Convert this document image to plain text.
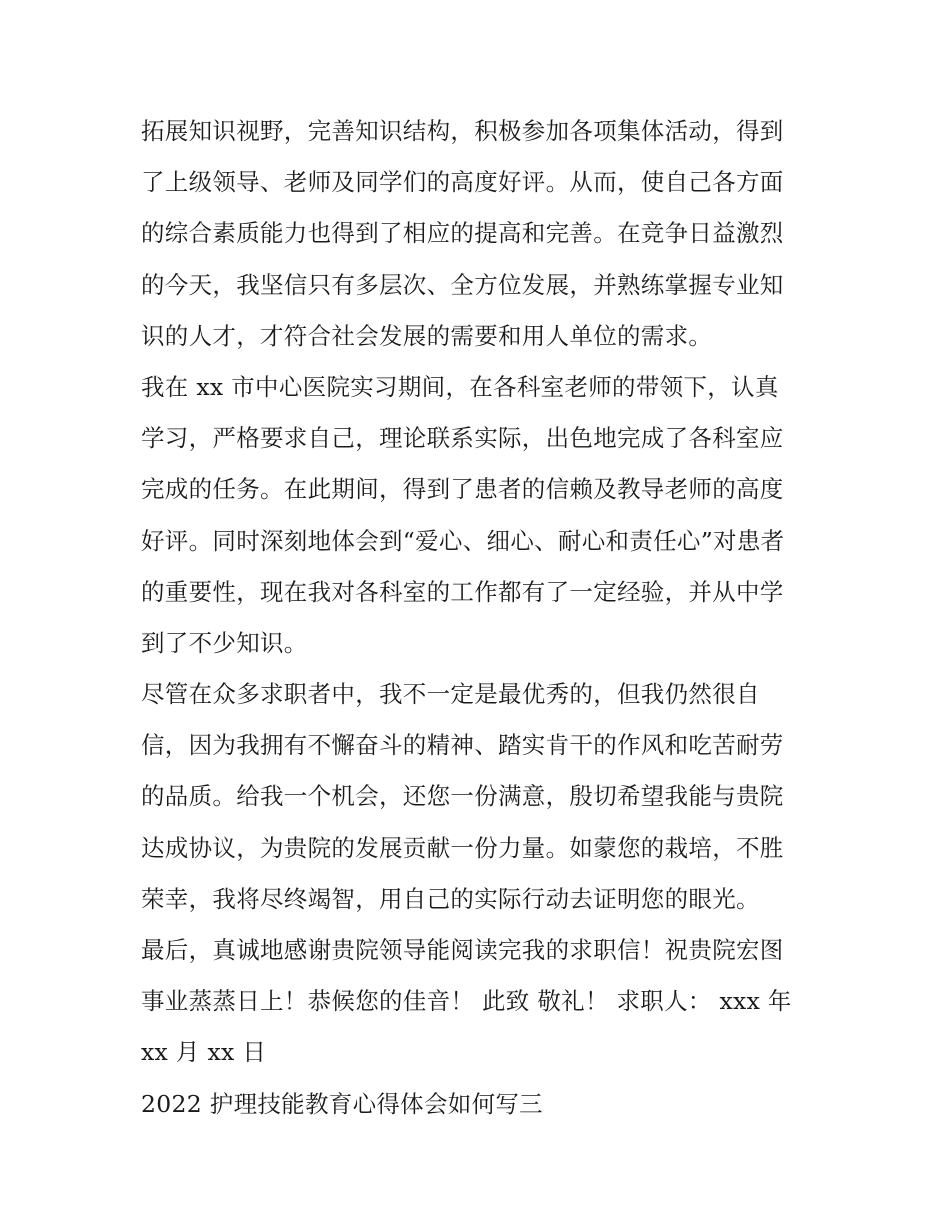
拓展知识视野，完善知识结构，积极参加各项集体活动，得到
了上级领导、老师及同学们的高度好评。从而，使自己各方面
的综合素质能力也得到了相应的提高和完善。在竞争日益激烈
的今天，我坚信只有多层次、全方位发展，并熟练掌握专业知
识的人才，才符合社会发展的需要和用人单位的需求。
我在 xx 市中心医院实习期间，在各科室老师的带领下，认真
学习，严格要求自己，理论联系实际，出色地完成了各科室应
完成的任务。在此期间，得到了患者的信赖及教导老师的高度
好评。同时深刻地体会到“爱心、细心、耐心和责任心”对患者
的重要性，现在我对各科室的工作都有了一定经验，并从中学
到了不少知识。
尽管在众多求职者中，我不一定是最优秀的，但我仍然很自
信，因为我拥有不懈奋斗的精神、踏实肯干的作风和吃苦耐劳
的品质。给我一个机会，还您一份满意，殷切希望我能与贵院
达成协议，为贵院的发展贡献一份力量。如蒙您的栽培，不胜
荣幸，我将尽终竭智，用自己的实际行动去证明您的眼光。
最后，真诚地感谢贵院领导能阅读完我的求职信！祝贵院宏图
事业蒸蒸日上！恭候您的佳音！ 此致 敬礼！ 求职人： xxx 年
xx 月 xx 日
2022 护理技能教育心得体会如何写三
